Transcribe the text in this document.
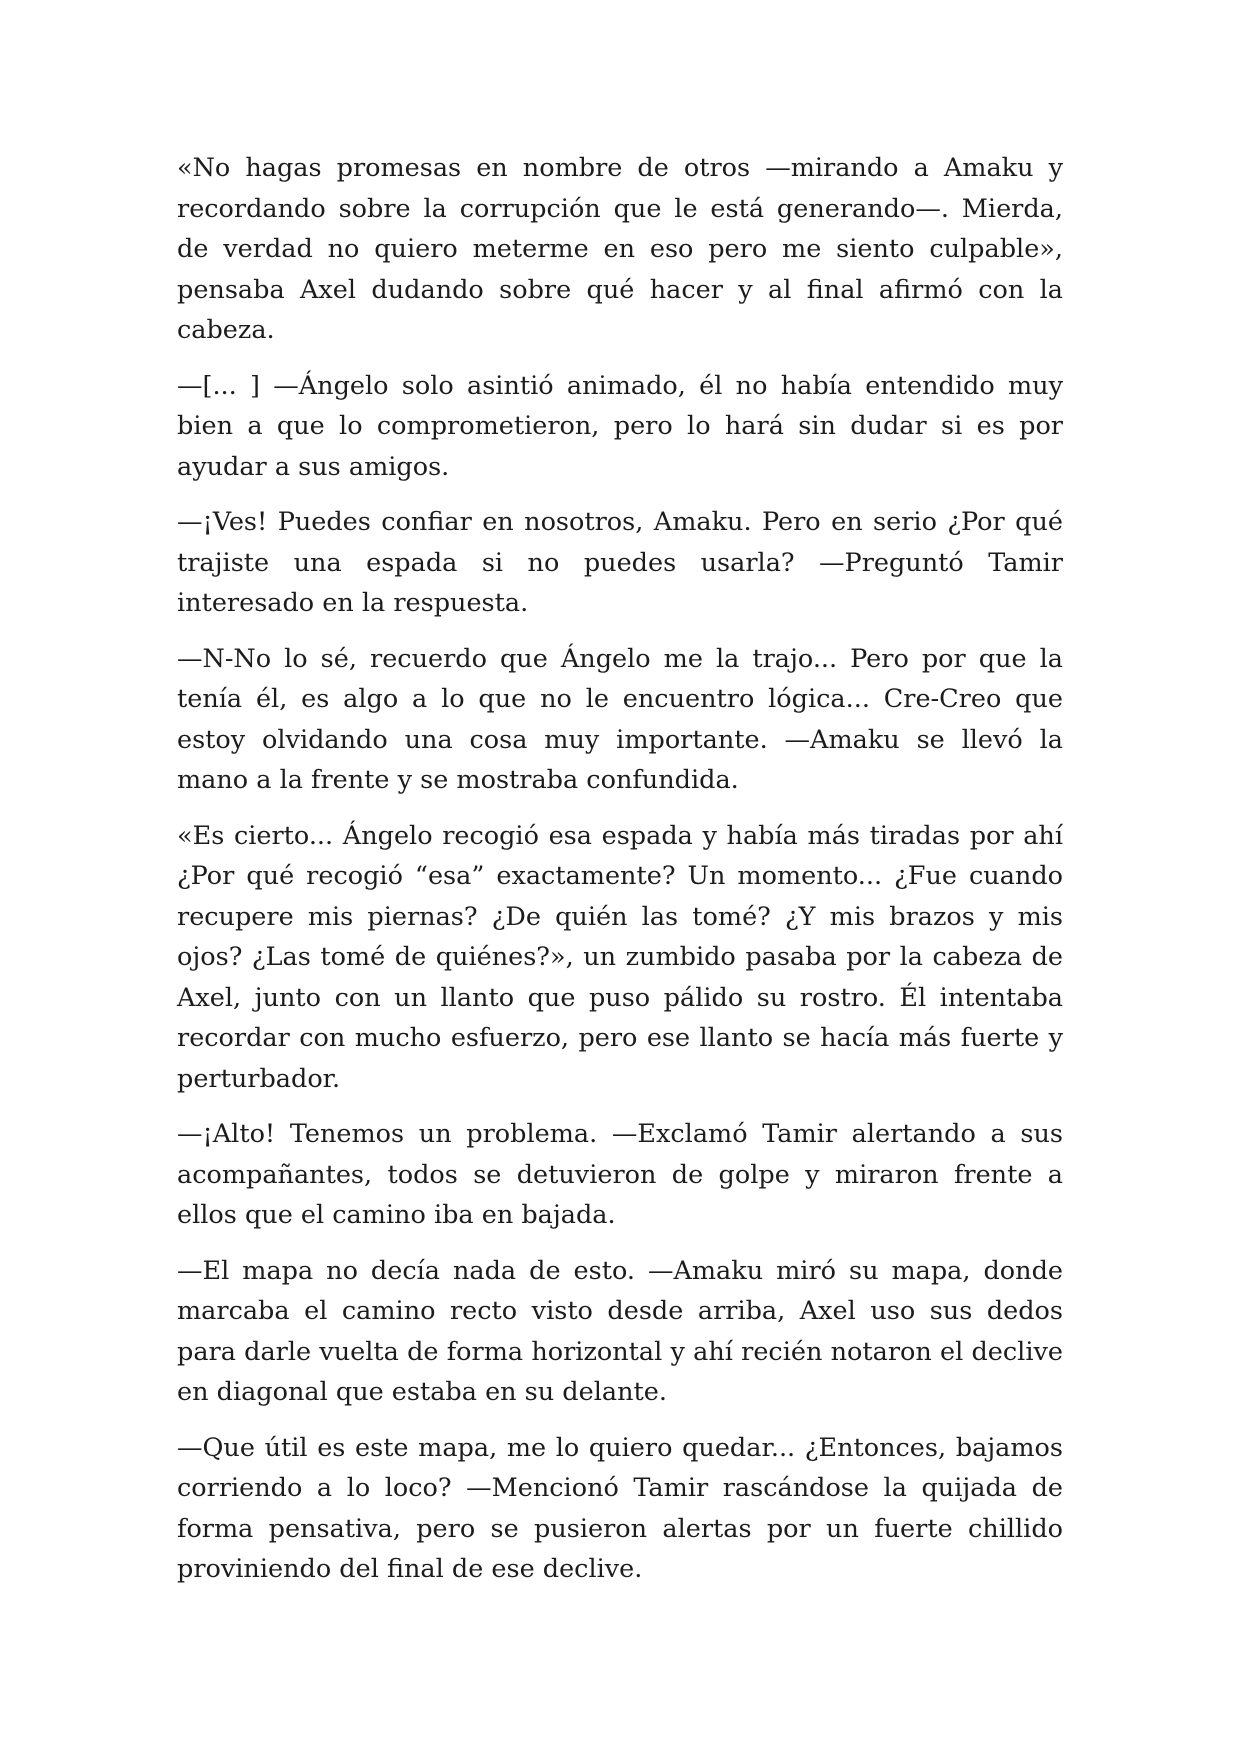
«No hagas promesas en nombre de otros —mirando a Amaku y recordando sobre la corrupción que le está generando—. Mierda, de verdad no quiero meterme en eso pero me siento culpable», pensaba Axel dudando sobre qué hacer y al final afirmó con la cabeza.

—[... ] —Ángelo solo asintió animado, él no había entendido muy bien a que lo comprometieron, pero lo hará sin dudar si es por ayudar a sus amigos.

—¡Ves! Puedes confiar en nosotros, Amaku. Pero en serio ¿Por qué trajiste una espada si no puedes usarla? —Preguntó Tamir interesado en la respuesta.

—N-No lo sé, recuerdo que Ángelo me la trajo... Pero por que la tenía él, es algo a lo que no le encuentro lógica... Cre-Creo que estoy olvidando una cosa muy importante. —Amaku se llevó la mano a la frente y se mostraba confundida.

«Es cierto... Ángelo recogió esa espada y había más tiradas por ahí ¿Por qué recogió “esa” exactamente? Un momento... ¿Fue cuando recupere mis piernas? ¿De quién las tomé? ¿Y mis brazos y mis ojos? ¿Las tomé de quiénes?», un zumbido pasaba por la cabeza de Axel, junto con un llanto que puso pálido su rostro. Él intentaba recordar con mucho esfuerzo, pero ese llanto se hacía más fuerte y perturbador.

—¡Alto! Tenemos un problema. —Exclamó Tamir alertando a sus acompañantes, todos se detuvieron de golpe y miraron frente a ellos que el camino iba en bajada.

—El mapa no decía nada de esto. —Amaku miró su mapa, donde marcaba el camino recto visto desde arriba, Axel uso sus dedos para darle vuelta de forma horizontal y ahí recién notaron el declive en diagonal que estaba en su delante.

—Que útil es este mapa, me lo quiero quedar... ¿Entonces, bajamos corriendo a lo loco? —Mencionó Tamir rascándose la quijada de forma pensativa, pero se pusieron alertas por un fuerte chillido proviniendo del final de ese declive.
